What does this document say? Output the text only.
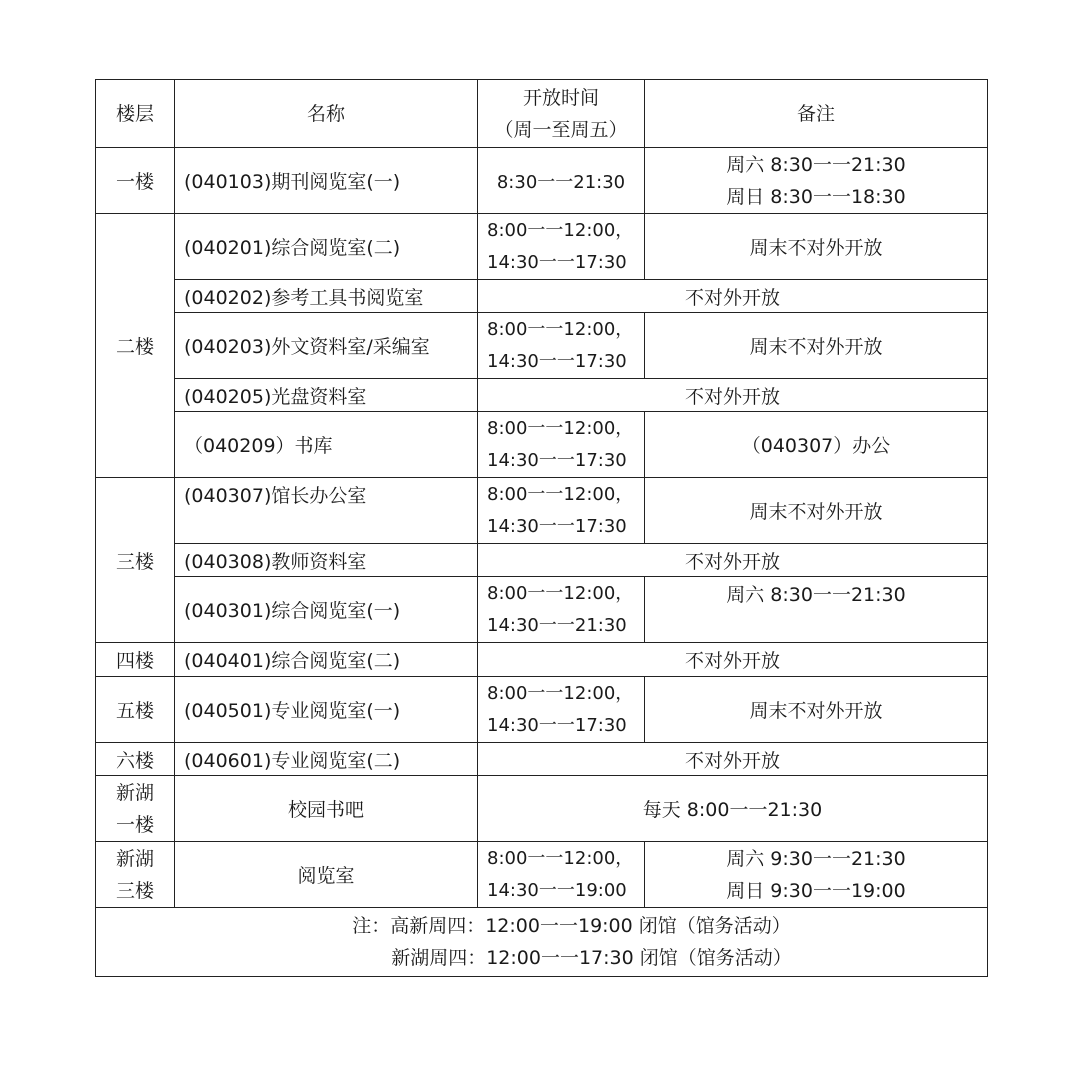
楼层	名称	开放时间
（周一至周五）	备注
一楼	(040103)期刊阅览室(一)	8:30一一21:30	周六 8:30一一21:30
周日 8:30一一18:30

二楼	(040201)综合阅览室(二)	8:00一一12:00，
14:30一一17:30	周末不对外开放
	(040202)参考工具书阅览室	不对外开放	
	(040203)外文资料室/采编室	8:00一一12:00，
14:30一一17:30	周末不对外开放
	(040205)光盘资料室	不对外开放	
	（040209）书库	8:00一一12:00，
14:30一一17:30	（040307）办公
三楼	(040307)馆长办公室	8:00一一12:00，
14:30一一17:30	周末不对外开放
	(040308)教师资料室	不对外开放	
	(040301)综合阅览室(一)	8:00一一12:00，
14:30一一21:30	周六 8:30一一21:30
四楼	(040401)综合阅览室(二)	不对外开放	
五楼	(040501)专业阅览室(一)	8:00一一12:00，
14:30一一17:30	周末不对外开放
六楼	(040601)专业阅览室(二)	不对外开放	

新湖
一楼	校园书吧	每天 8:00一一21:30	

新湖
三楼	阅览室	8:00一一12:00，
14:30一一19:00	周六 9:30一一21:30
周日 9:30一一19:00

注：高新周四：12:00一一19:00 闭馆（馆务活动）
新湖周四：12:00一一17:30 闭馆（馆务活动）			
